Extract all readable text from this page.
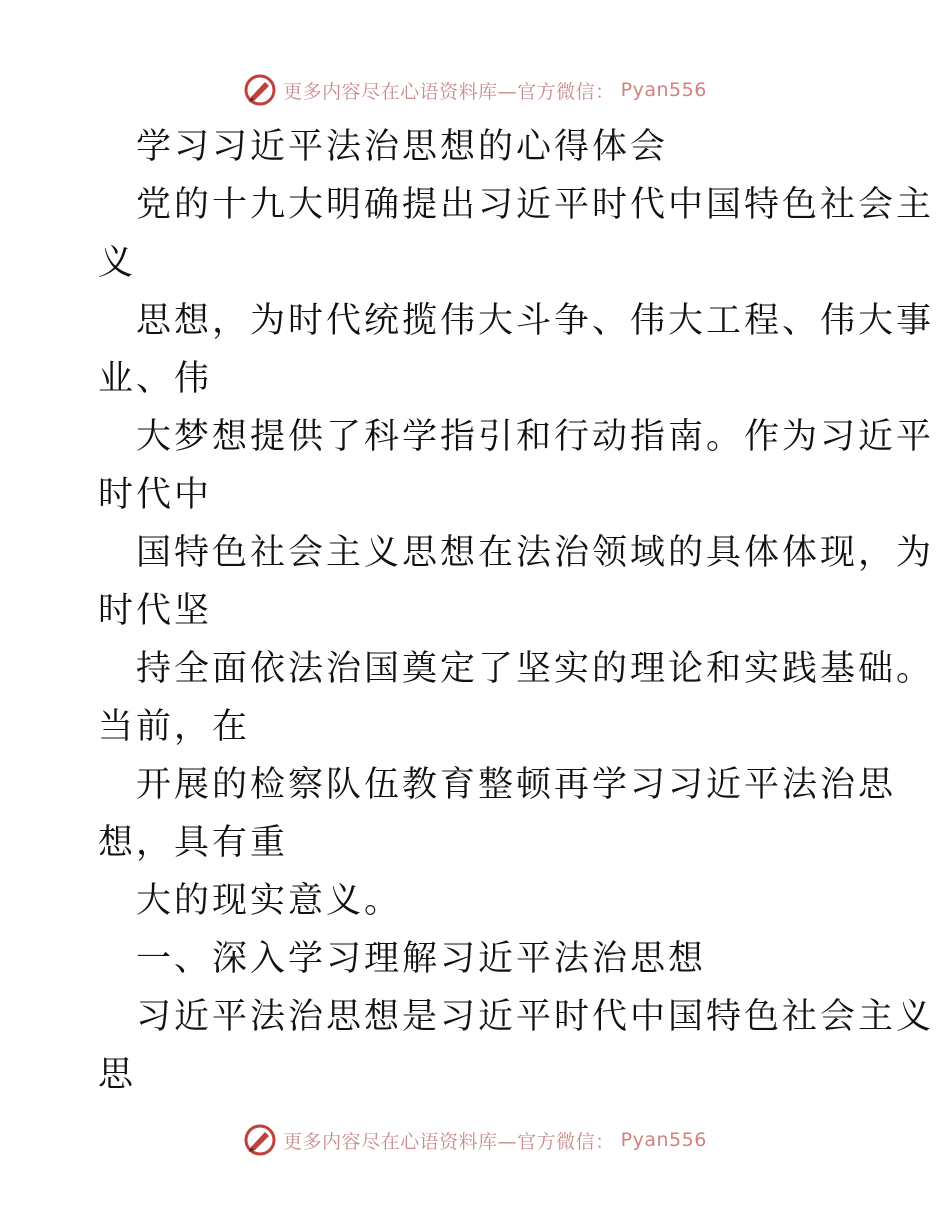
更多内容尽在心语资料库—官方微信： Pyan556
学习习近平法治思想的心得体会
党的十九大明确提出习近平时代中国特色社会主
义
思想，为时代统揽伟大斗争、伟大工程、伟大事
业、伟
大梦想提供了科学指引和行动指南。作为习近平
时代中
国特色社会主义思想在法治领域的具体体现，为
时代坚
持全面依法治国奠定了坚实的理论和实践基础。
当前，在
开展的检察队伍教育整顿再学习习近平法治思
想，具有重
大的现实意义。
一、深入学习理解习近平法治思想
习近平法治思想是习近平时代中国特色社会主义
思
更多内容尽在心语资料库—官方微信： Pyan556
